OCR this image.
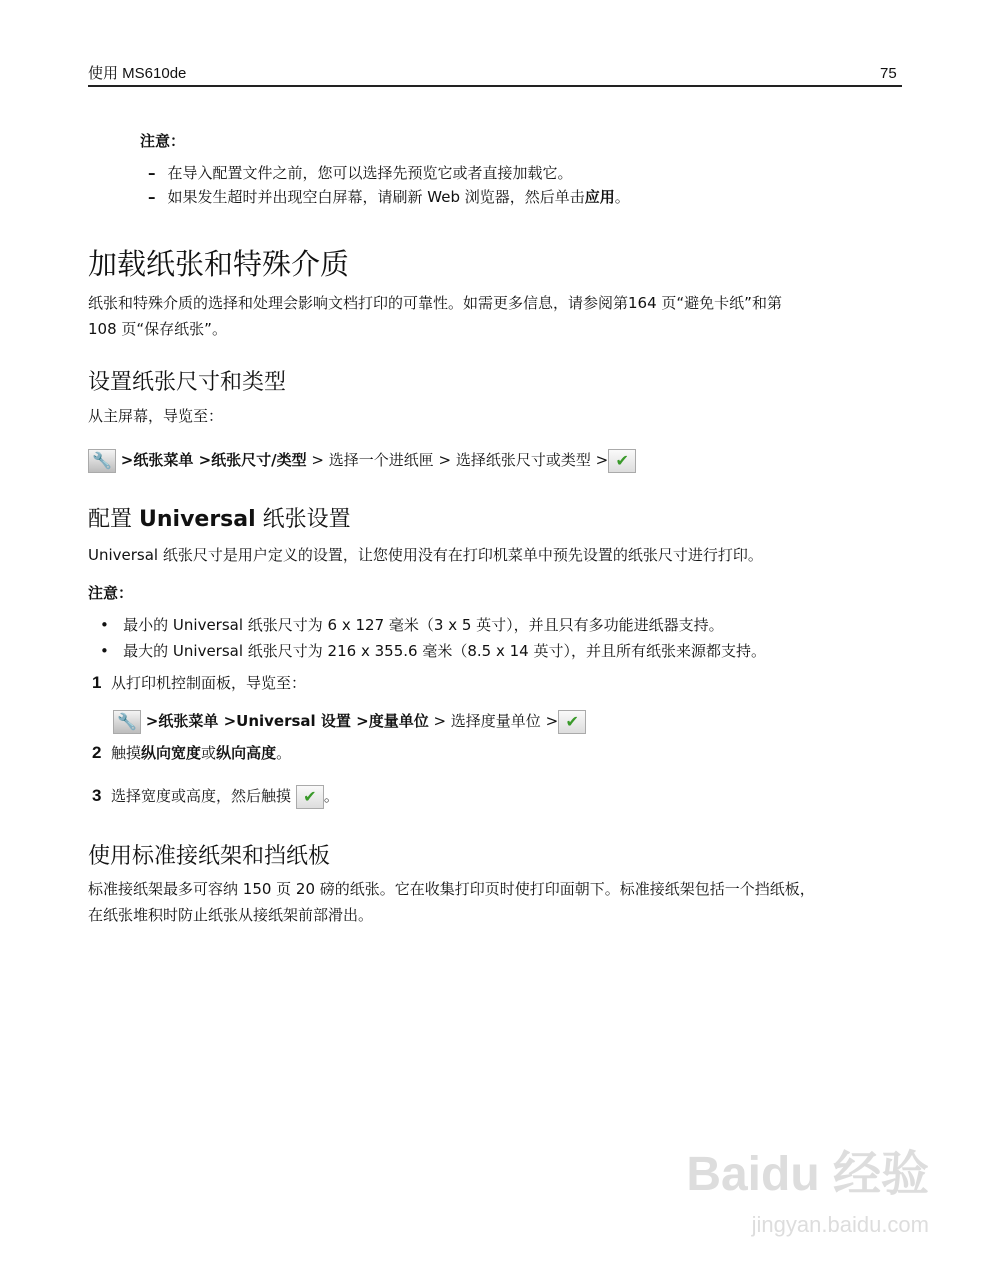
使用 MS610de	75
注意：
– 在导入配置文件之前，您可以选择先预览它或者直接加载它。
– 如果发生超时并出现空白屏幕，请刷新 Web 浏览器，然后单击应用。
加载纸张和特殊介质
纸张和特殊介质的选择和处理会影响文档打印的可靠性。如需更多信息，请参阅第164 页“避免卡纸”和第
108 页“保存纸张”。
设置纸张尺寸和类型
从主屏幕，导览至：
🔧 >纸张菜单 >纸张尺寸/类型 > 选择一个进纸匣 > 选择纸张尺寸或类型 > ✔
配置 Universal 纸张设置
Universal 纸张尺寸是用户定义的设置，让您使用没有在打印机菜单中预先设置的纸张尺寸进行打印。
注意：
•   最小的 Universal 纸张尺寸为 6 x 127 毫米（3 x 5 英寸），并且只有多功能进纸器支持。
•   最大的 Universal 纸张尺寸为 216 x 355.6 毫米（8.5 x 14 英寸），并且所有纸张来源都支持。
1 从打印机控制面板，导览至：
🔧 >纸张菜单 >Universal 设置 >度量单位 > 选择度量单位 > ✔
2 触摸纵向宽度或纵向高度。
3 选择宽度或高度，然后触摸 ✔ 。
使用标准接纸架和挡纸板
标准接纸架最多可容纳 150 页 20 磅的纸张。它在收集打印页时使打印面朝下。标准接纸架包括一个挡纸板，
在纸张堆积时防止纸张从接纸架前部滑出。
Baidu 经验
jingyan.baidu.com
